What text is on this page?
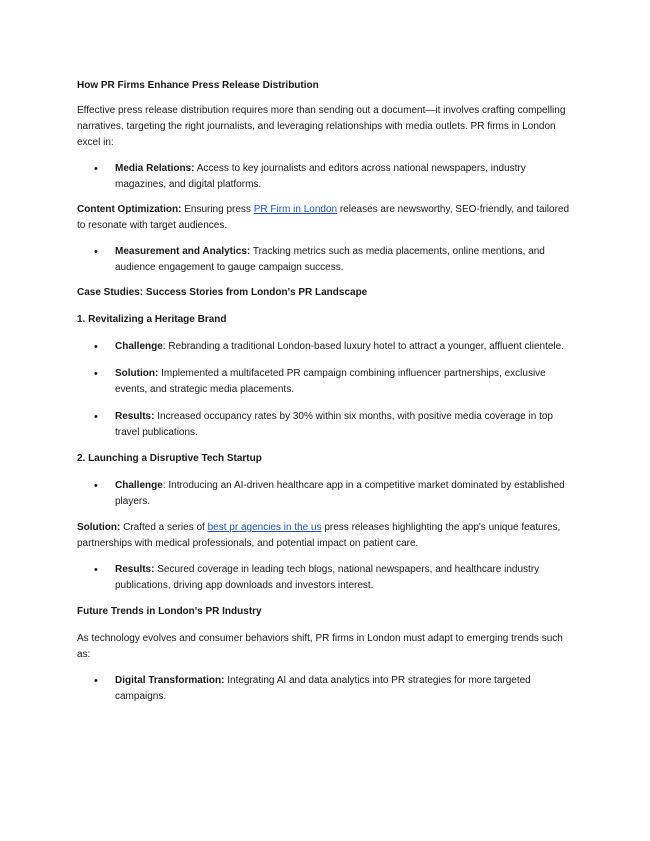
How PR Firms Enhance Press Release Distribution

Effective press release distribution requires more than sending out a document—it involves crafting compelling narratives, targeting the right journalists, and leveraging relationships with media outlets. PR firms in London excel in:

• Media Relations: Access to key journalists and editors across national newspapers, industry magazines, and digital platforms.

Content Optimization: Ensuring press PR Firm in London releases are newsworthy, SEO-friendly, and tailored to resonate with target audiences.

• Measurement and Analytics: Tracking metrics such as media placements, online mentions, and audience engagement to gauge campaign success.

Case Studies: Success Stories from London's PR Landscape

1. Revitalizing a Heritage Brand

• Challenge: Rebranding a traditional London-based luxury hotel to attract a younger, affluent clientele.

• Solution: Implemented a multifaceted PR campaign combining influencer partnerships, exclusive events, and strategic media placements.

• Results: Increased occupancy rates by 30% within six months, with positive media coverage in top travel publications.

2. Launching a Disruptive Tech Startup

• Challenge: Introducing an AI-driven healthcare app in a competitive market dominated by established players.

Solution: Crafted a series of best pr agencies in the us press releases highlighting the app's unique features, partnerships with medical professionals, and potential impact on patient care.

• Results: Secured coverage in leading tech blogs, national newspapers, and healthcare industry publications, driving app downloads and investors interest.

Future Trends in London's PR Industry

As technology evolves and consumer behaviors shift, PR firms in London must adapt to emerging trends such as:

• Digital Transformation: Integrating AI and data analytics into PR strategies for more targeted campaigns.
